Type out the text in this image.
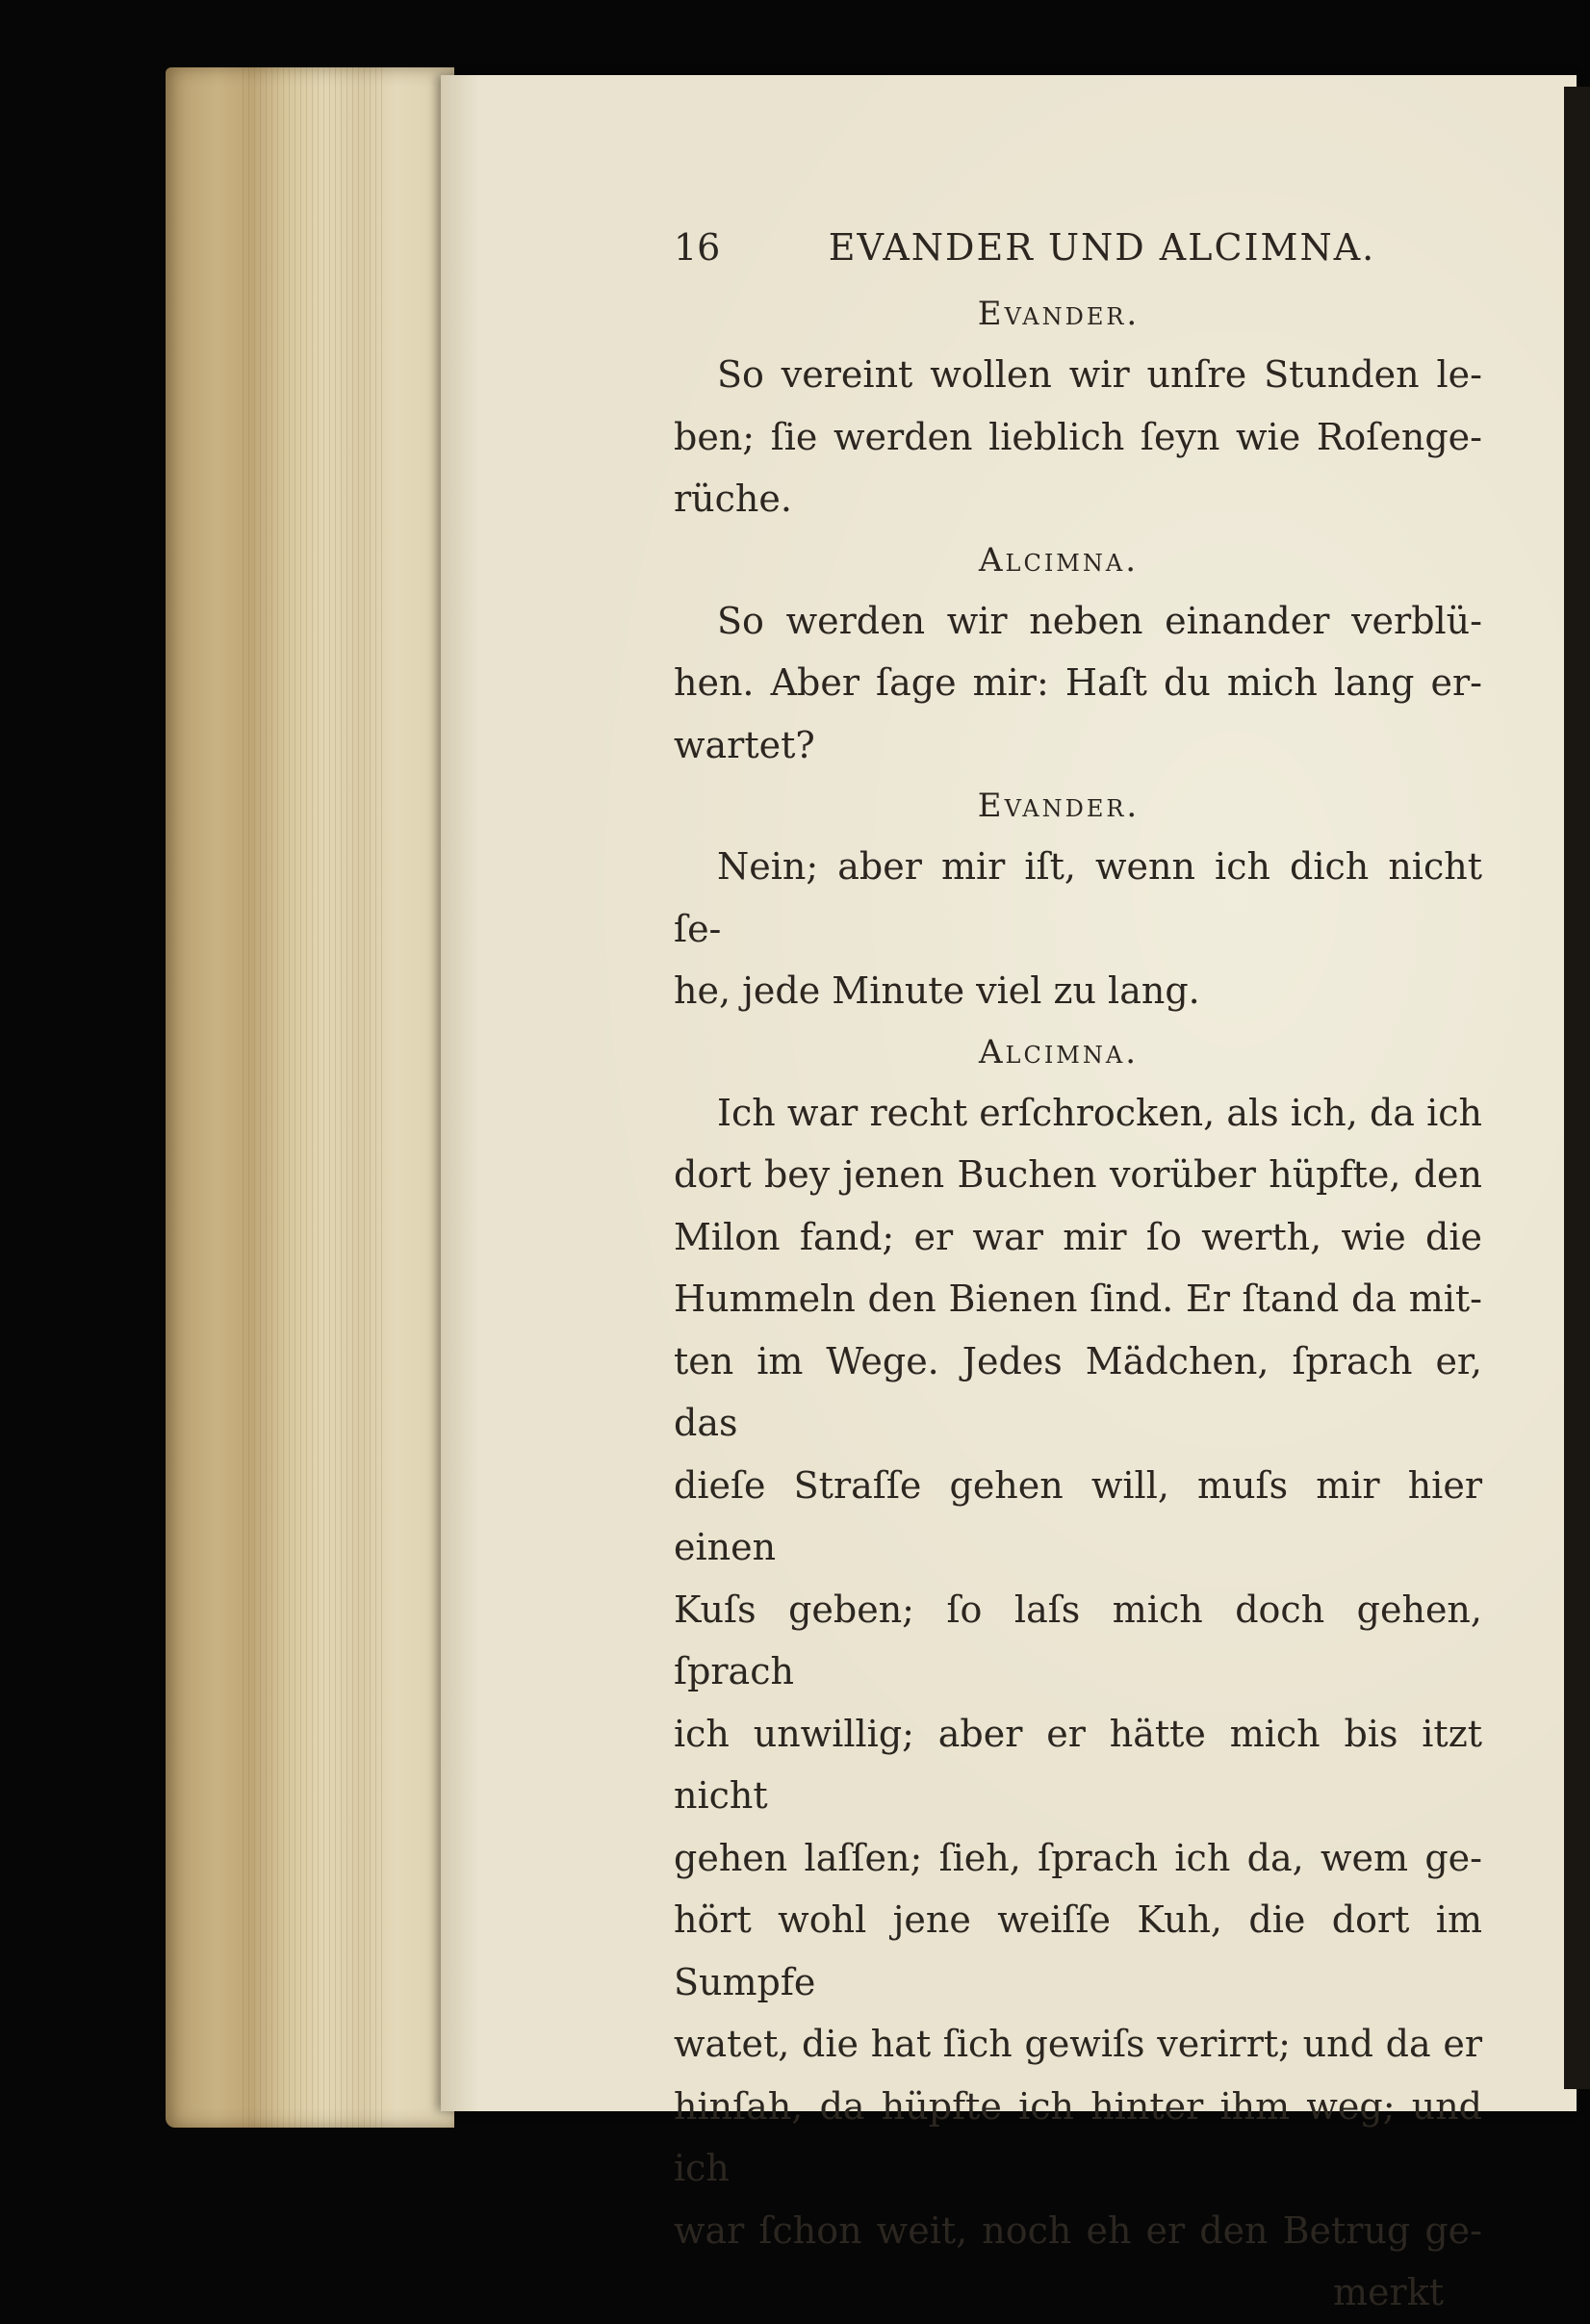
16	EVANDER UND ALCIMNA.
Evander.

So vereint wollen wir unſre Stunden le-

ben; ſie werden lieblich ſeyn wie Roſenge-

rüche.

Alcimna.

So werden wir neben einander verblü-

hen. Aber ſage mir: Haſt du mich lang er-

wartet?

Evander.

Nein; aber mir iſt, wenn ich dich nicht ſe-

he, jede Minute viel zu lang.

Alcimna.

Ich war recht erſchrocken, als ich, da ich

dort bey jenen Buchen vorüber hüpfte, den

Milon fand; er war mir ſo werth, wie die

Hummeln den Bienen ſind. Er ſtand da mit-

ten im Wege. Jedes Mädchen, ſprach er, das

dieſe Straſſe gehen will, muſs mir hier einen

Kuſs geben; ſo laſs mich doch gehen, ſprach

ich unwillig; aber er hätte mich bis itzt nicht

gehen laſſen; ſieh, ſprach ich da, wem ge-

hört wohl jene weiſſe Kuh, die dort im Sumpfe

watet, die hat ſich gewiſs verirrt; und da er

hinſah, da hüpfte ich hinter ihm weg; und ich

war ſchon weit, noch eh er den Betrug ge-

merkt
